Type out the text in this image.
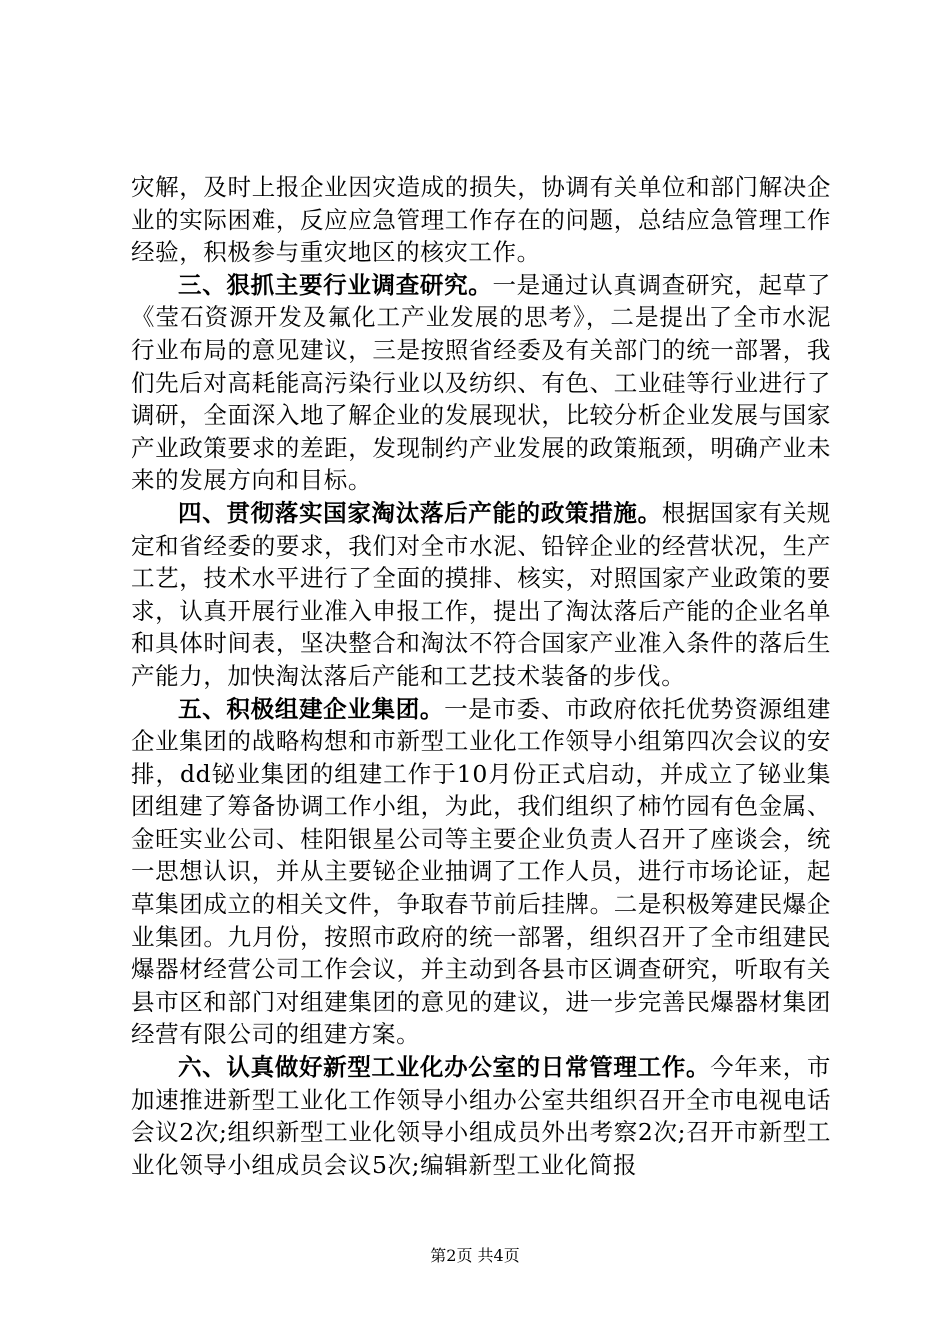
灾解，及时上报企业因灾造成的损失，协调有关单位和部门解决企业的实际困难，反应应急管理工作存在的问题，总结应急管理工作经验，积极参与重灾地区的核灾工作。

三、狠抓主要行业调查研究。一是通过认真调查研究，起草了《莹石资源开发及氟化工产业发展的思考》，二是提出了全市水泥行业布局的意见建议，三是按照省经委及有关部门的统一部署，我们先后对高耗能高污染行业以及纺织、有色、工业硅等行业进行了调研，全面深入地了解企业的发展现状，比较分析企业发展与国家产业政策要求的差距，发现制约产业发展的政策瓶颈，明确产业未来的发展方向和目标。

四、贯彻落实国家淘汰落后产能的政策措施。根据国家有关规定和省经委的要求，我们对全市水泥、铅锌企业的经营状况，生产工艺，技术水平进行了全面的摸排、核实，对照国家产业政策的要求，认真开展行业准入申报工作，提出了淘汰落后产能的企业名单和具体时间表，坚决整合和淘汰不符合国家产业准入条件的落后生产能力，加快淘汰落后产能和工艺技术装备的步伐。

五、积极组建企业集团。一是市委、市政府依托优势资源组建企业集团的战略构想和市新型工业化工作领导小组第四次会议的安排，dd铋业集团的组建工作于10月份正式启动，并成立了铋业集团组建了筹备协调工作小组，为此，我们组织了柿竹园有色金属、金旺实业公司、桂阳银星公司等主要企业负责人召开了座谈会，统一思想认识，并从主要铋企业抽调了工作人员，进行市场论证，起草集团成立的相关文件，争取春节前后挂牌。二是积极筹建民爆企业集团。九月份，按照市政府的统一部署，组织召开了全市组建民爆器材经营公司工作会议，并主动到各县市区调查研究，听取有关县市区和部门对组建集团的意见的建议，进一步完善民爆器材集团经营有限公司的组建方案。

六、认真做好新型工业化办公室的日常管理工作。今年来，市加速推进新型工业化工作领导小组办公室共组织召开全市电视电话会议2次;组织新型工业化领导小组成员外出考察2次;召开市新型工业化领导小组成员会议5次;编辑新型工业化简报

第2页 共4页
